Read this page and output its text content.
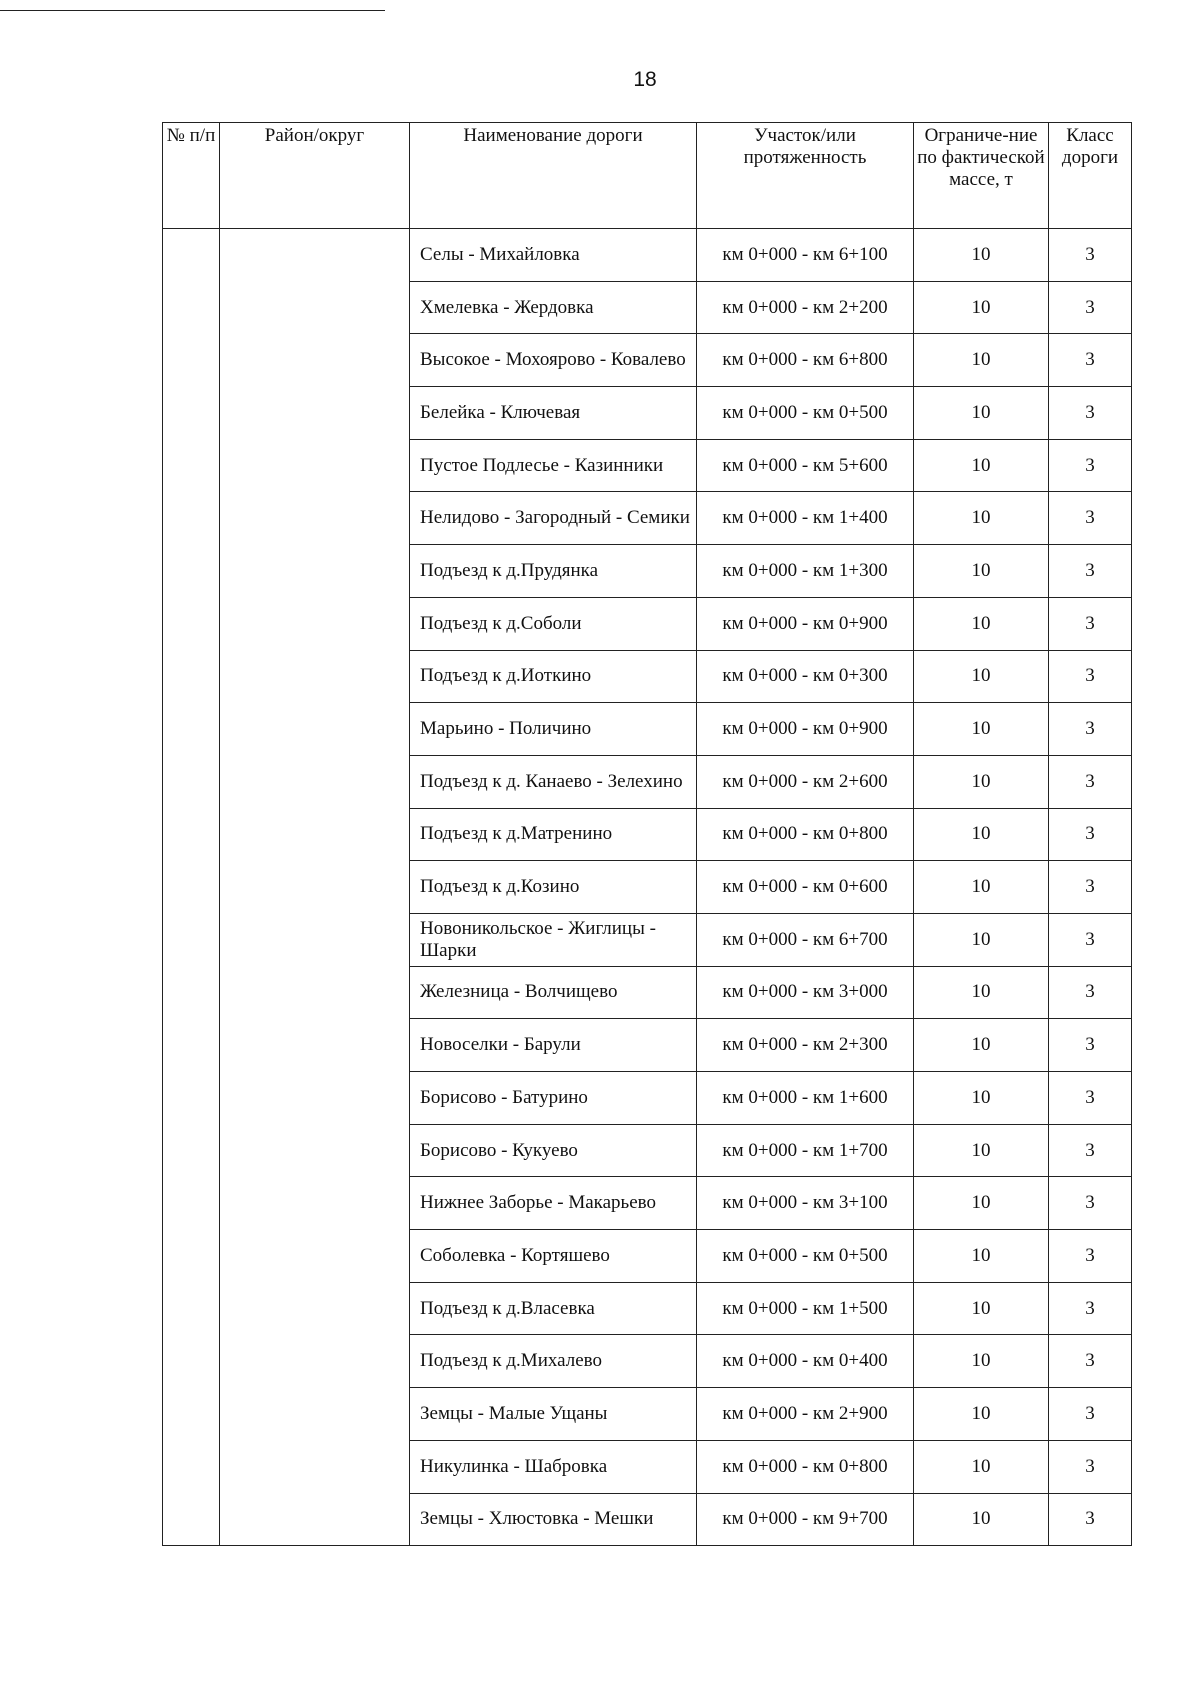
18
№ п/п	Район/округ	Наименование дороги	Участок/или протяженность	Ограниче-ние по фактической массе, т	Класс дороги
		Селы - Михайловка	км 0+000 - км 6+100	10	3
		Хмелевка - Жердовка	км 0+000 - км 2+200	10	3
		Высокое - Мохоярово - Ковалево	км 0+000 - км 6+800	10	3
		Белейка - Ключевая	км 0+000 - км 0+500	10	3
		Пустое Подлесье - Казинники	км 0+000 - км 5+600	10	3
		Нелидово - Загородный - Семики	км 0+000 - км 1+400	10	3
		Подъезд к д.Прудянка	км 0+000 - км 1+300	10	3
		Подъезд к д.Соболи	км 0+000 - км 0+900	10	3
		Подъезд к д.Иоткино	км 0+000 - км 0+300	10	3
		Марьино - Поличино	км 0+000 - км 0+900	10	3
		Подъезд к д. Канаево - Зелехино	км 0+000 - км 2+600	10	3
		Подъезд к д.Матренино	км 0+000 - км 0+800	10	3
		Подъезд к д.Козино	км 0+000 - км 0+600	10	3
		Новоникольское - Жиглицы - Шарки	км 0+000 - км 6+700	10	3
		Железница - Волчищево	км 0+000 - км 3+000	10	3
		Новоселки - Барули	км 0+000 - км 2+300	10	3
		Борисово - Батурино	км 0+000 - км 1+600	10	3
		Борисово - Кукуево	км 0+000 - км 1+700	10	3
		Нижнее Заборье - Макарьево	км 0+000 - км 3+100	10	3
		Соболевка - Кортяшево	км 0+000 - км 0+500	10	3
		Подъезд к д.Власевка	км 0+000 - км 1+500	10	3
		Подъезд к д.Михалево	км 0+000 - км 0+400	10	3
		Земцы - Малые Ущаны	км 0+000 - км 2+900	10	3
		Никулинка - Шабровка	км 0+000 - км 0+800	10	3
		Земцы - Хлюстовка - Мешки	км 0+000 - км 9+700	10	3
